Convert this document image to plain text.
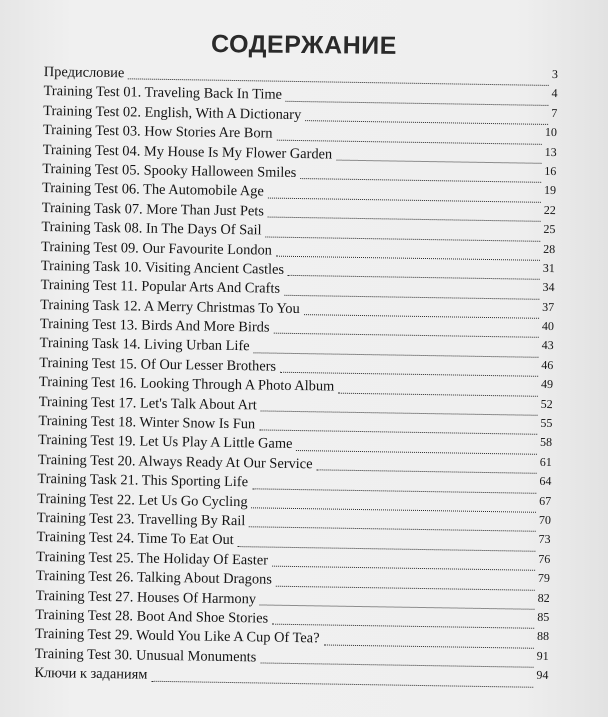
СОДЕРЖАНИЕ
Предисловие	3
Training Test 01. Traveling Back In Time	4
Training Test 02. English, With A Dictionary	7
Training Test 03. How Stories Are Born	10
Training Test 04. My House Is My Flower Garden	13
Training Test 05. Spooky Halloween Smiles	16
Training Test 06. The Automobile Age	19
Training Task 07. More Than Just Pets	22
Training Task 08. In The Days Of Sail	25
Training Test 09. Our Favourite London	28
Training Task 10. Visiting Ancient Castles	31
Training Test 11. Popular Arts And Crafts	34
Training Task 12. A Merry Christmas To You	37
Training Test 13. Birds And More Birds	40
Training Task 14. Living Urban Life	43
Training Test 15. Of Our Lesser Brothers	46
Training Test 16. Looking Through A Photo Album	49
Training Test 17. Let's Talk About Art	52
Training Test 18. Winter Snow Is Fun	55
Training Test 19. Let Us Play A Little Game	58
Training Test 20. Always Ready At Our Service	61
Training Task 21. This Sporting Life	64
Training Test 22. Let Us Go Cycling	67
Training Test 23. Travelling By Rail	70
Training Test 24. Time To Eat Out	73
Training Test 25. The Holiday Of Easter	76
Training Test 26. Talking About Dragons	79
Training Test 27. Houses Of Harmony	82
Training Test 28. Boot And Shoe Stories	85
Training Test 29. Would You Like A Cup Of Tea?	88
Training Test 30. Unusual Monuments	91
Ключи к заданиям	94
